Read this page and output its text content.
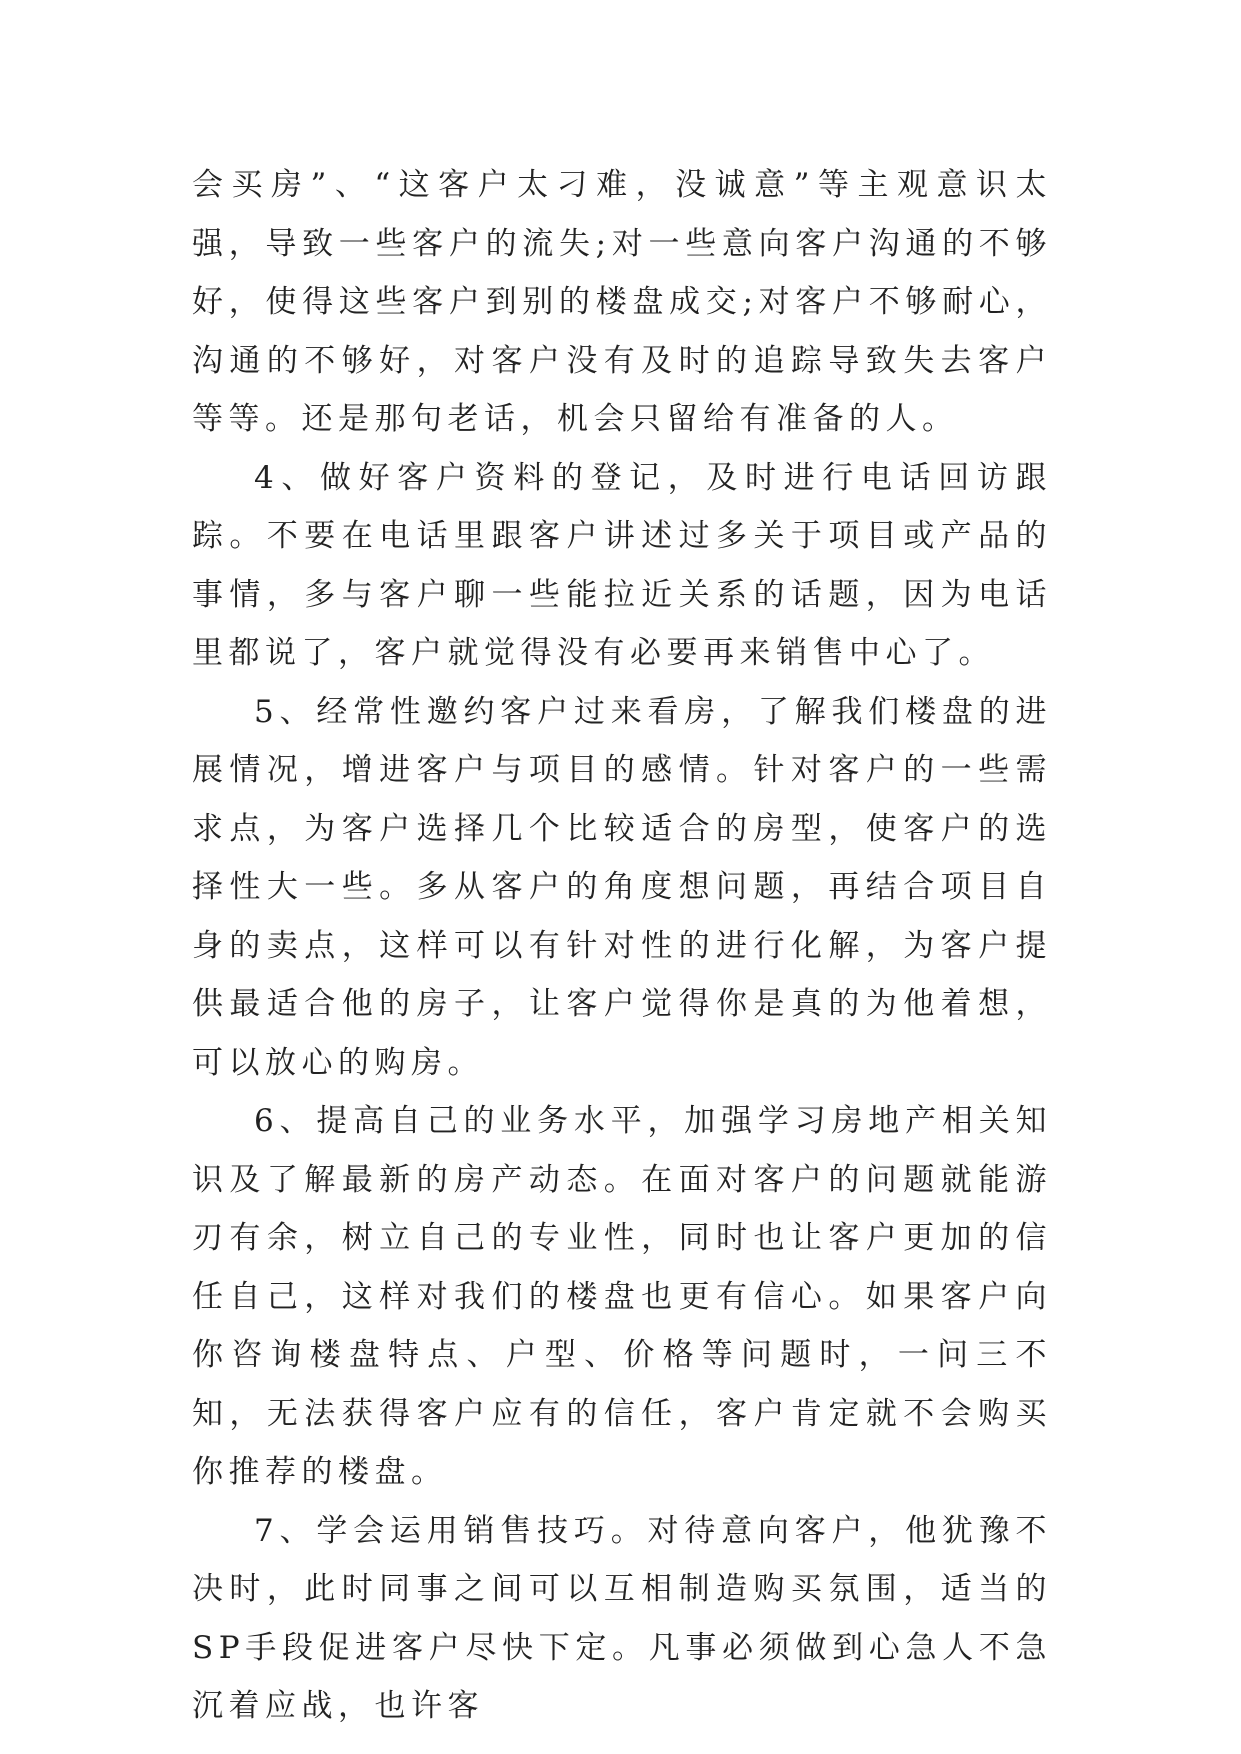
会买房”、“这客户太刁难，没诚意”等主观意识太强，导致一些客户的流失;对一些意向客户沟通的不够好，使得这些客户到别的楼盘成交;对客户不够耐心，沟通的不够好，对客户没有及时的追踪导致失去客户等等。还是那句老话，机会只留给有准备的人。

4、做好客户资料的登记，及时进行电话回访跟踪。不要在电话里跟客户讲述过多关于项目或产品的事情，多与客户聊一些能拉近关系的话题，因为电话里都说了，客户就觉得没有必要再来销售中心了。

5、经常性邀约客户过来看房，了解我们楼盘的进展情况，增进客户与项目的感情。针对客户的一些需求点，为客户选择几个比较适合的房型，使客户的选择性大一些。多从客户的角度想问题，再结合项目自身的卖点，这样可以有针对性的进行化解，为客户提供最适合他的房子，让客户觉得你是真的为他着想，可以放心的购房。

6、提高自己的业务水平，加强学习房地产相关知识及了解最新的房产动态。在面对客户的问题就能游刃有余，树立自己的专业性，同时也让客户更加的信任自己，这样对我们的楼盘也更有信心。如果客户向你咨询楼盘特点、户型、价格等问题时，一问三不知，无法获得客户应有的信任，客户肯定就不会购买你推荐的楼盘。

7、学会运用销售技巧。对待意向客户，他犹豫不决时，此时同事之间可以互相制造购买氛围，适当的SP手段促进客户尽快下定。凡事必须做到心急人不急沉着应战，也许客
